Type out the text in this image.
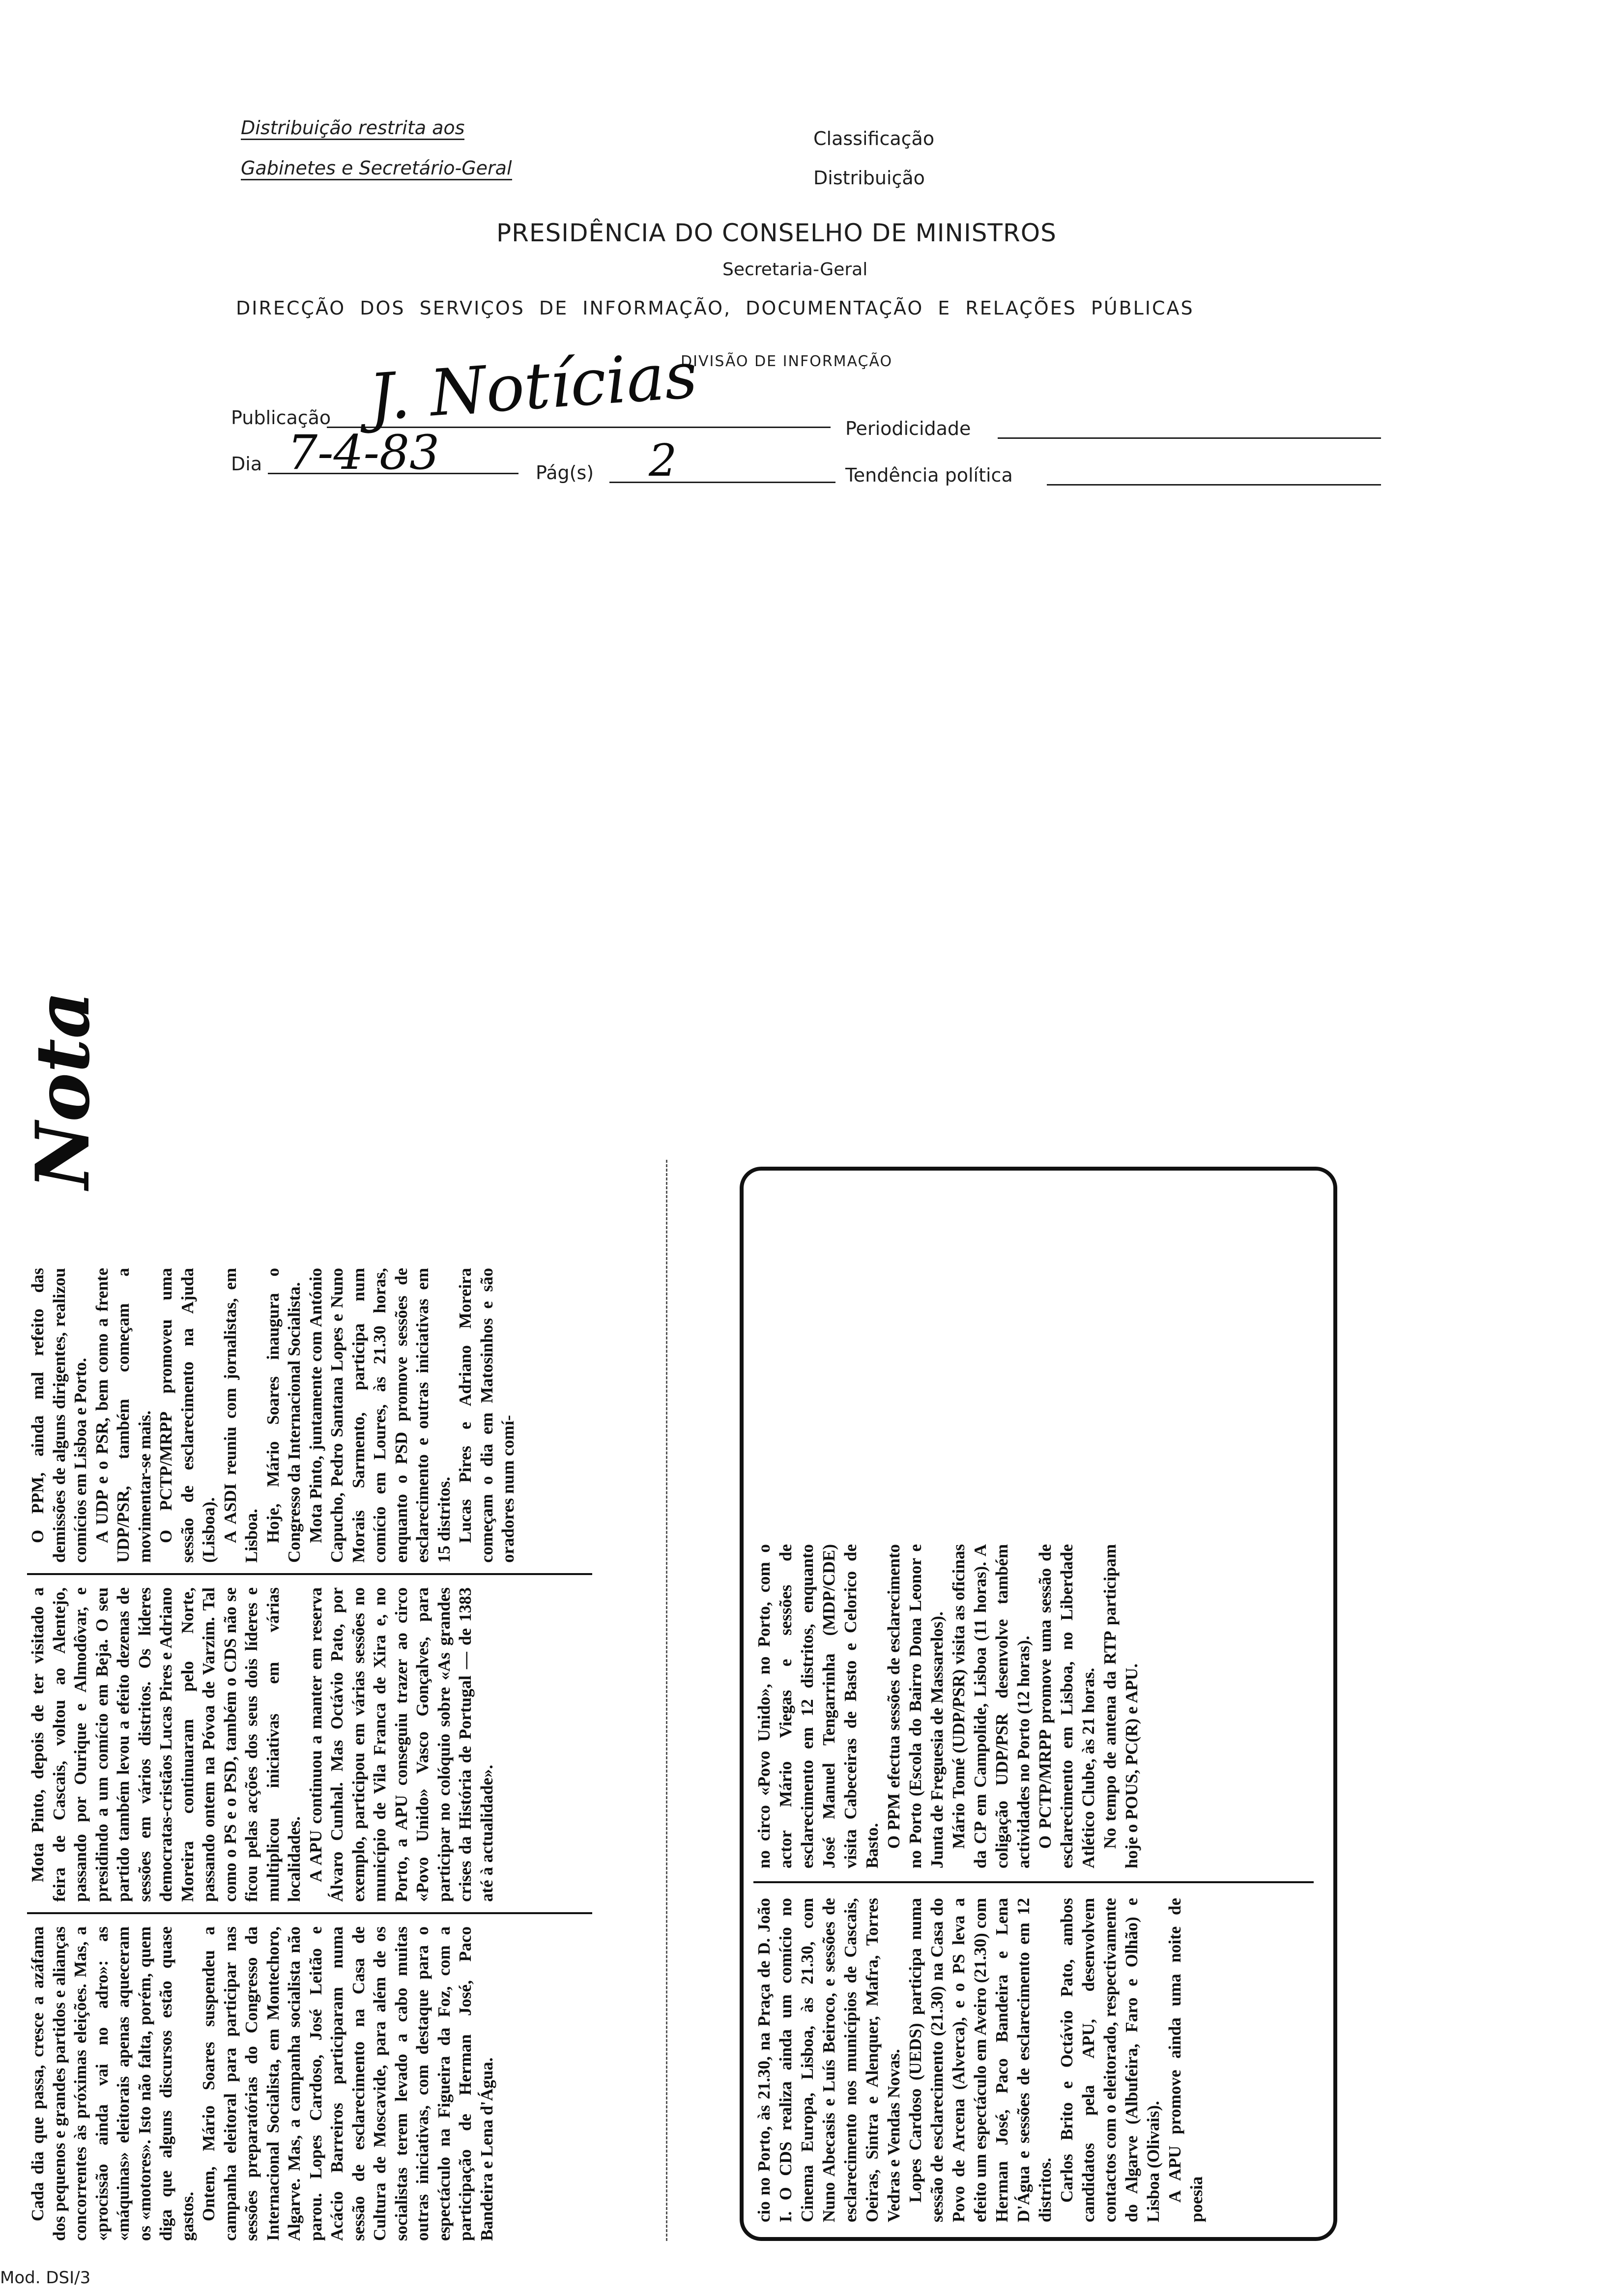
Distribuição restrita aos
Gabinetes e Secretário-Geral
Classificação
Distribuição
PRESIDÊNCIA DO CONSELHO DE MINISTROS
Secretaria-Geral
DIRECÇÃO DOS SERVIÇOS DE INFORMAÇÃO, DOCUMENTAÇÃO E RELAÇÕES PÚBLICAS
DIVISÃO DE INFORMAÇÃO
Publicação J. Notícias	Periodicidade
Dia 7-4-83	Pág(s) 2	Tendência política
Nota

Cada dia que passa, cresce a azáfama dos pequenos e grandes partidos e alianças concorrentes às próximas eleições. Mas, a «procissão ainda vai no adro»: as «máquinas» eleitorais apenas aqueceram os «motores». Isto não falta, porém, quem diga que alguns discursos estão quase gastos. Ontem, Mário Soares suspendeu a campanha eleitoral para participar nas sessões preparatórias do Congresso da Internacional Socialista, em Montechoro, Algarve. Mas, a campanha socialista não parou. Lopes Cardoso, José Leitão e Acácio Barreiros participaram numa sessão de esclarecimento na Casa de Cultura de Moscavide, para além de os socialistas terem levado a cabo muitas outras iniciativas, com destaque para o espectáculo na Figueira da Foz, com a participação de Herman José, Paco Bandeira e Lena d'Água.

Mota Pinto, depois de ter visitado a feira de Cascais, voltou ao Alentejo, passando por Ourique e Almodôvar, e presidindo a um comício em Beja. O seu partido também levou a efeito dezenas de sessões em vários distritos. Os líderes democratas-cristãos Lucas Pires e Adriano Moreira continuaram pelo Norte, passando ontem na Póvoa de Varzim. Tal como o PS e o PSD, também o CDS não se ficou pelas acções dos seus dois líderes e multiplicou iniciativas em várias localidades. A APU continuou a manter em reserva Álvaro Cunhal. Mas Octávio Pato, por exemplo, participou em várias sessões no município de Vila Franca de Xira e, no Porto, a APU conseguiu trazer ao circo «Povo Unido» Vasco Gonçalves, para participar no colóquio sobre «As grandes crises da História de Portugal — de 1383 até à actualidade».

O PPM, ainda mal refeito das demissões de alguns dirigentes, realizou comícios em Lisboa e Porto. A UDP e o PSR, bem como a frente UDP/PSR, também começam a movimentar-se mais. O PCTP/MRPP promoveu uma sessão de esclarecimento na Ajuda (Lisboa). A ASDI reuniu com jornalistas, em Lisboa. Hoje, Mário Soares inaugura o Congresso da Internacional Socialista. Mota Pinto, juntamente com António Capucho, Pedro Santana Lopes e Nuno Morais Sarmento, participa num comício em Loures, às 21.30 horas, enquanto o PSD promove sessões de esclarecimento e outras iniciativas em 15 distritos. Lucas Pires e Adriano Moreira começam o dia em Matosinhos e são oradores num comí-

cio no Porto, às 21.30, na Praça de D. João I. O CDS realiza ainda um comício no Cinema Europa, Lisboa, às 21.30, com Nuno Abecasis e Luís Beiroco, e sessões de esclarecimento nos municípios de Cascais, Oeiras, Sintra e Alenquer, Mafra, Torres Vedras e Vendas Novas. Lopes Cardoso (UEDS) participa numa sessão de esclarecimento (21.30) na Casa do Povo de Arcena (Alverca), e o PS leva a efeito um espectáculo em Aveiro (21.30) com Herman José, Paco Bandeira e Lena D'Água e sessões de esclarecimento em 12 distritos. Carlos Brito e Octávio Pato, ambos candidatos pela APU, desenvolvem contactos com o eleitorado, respectivamente do Algarve (Albufeira, Faro e Olhão) e Lisboa (Olivais). A APU promove ainda uma noite de poesia

no circo «Povo Unido», no Porto, com o actor Mário Viegas e sessões de esclarecimento em 12 distritos, enquanto José Manuel Tengarrinha (MDP/CDE) visita Cabeceiras de Basto e Celorico de Basto. O PPM efectua sessões de esclarecimento no Porto (Escola do Bairro Dona Leonor e Junta de Freguesia de Massarelos). Mário Tomé (UDP/PSR) visita as oficinas da CP em Campolide, Lisboa (11 horas). A coligação UDP/PSR desenvolve também actividades no Porto (12 horas). O PCTP/MRPP promove uma sessão de esclarecimento em Lisboa, no Liberdade Atlético Clube, às 21 horas. No tempo de antena da RTP participam hoje o POUS, PC(R) e APU.

Mod. DSI/3
